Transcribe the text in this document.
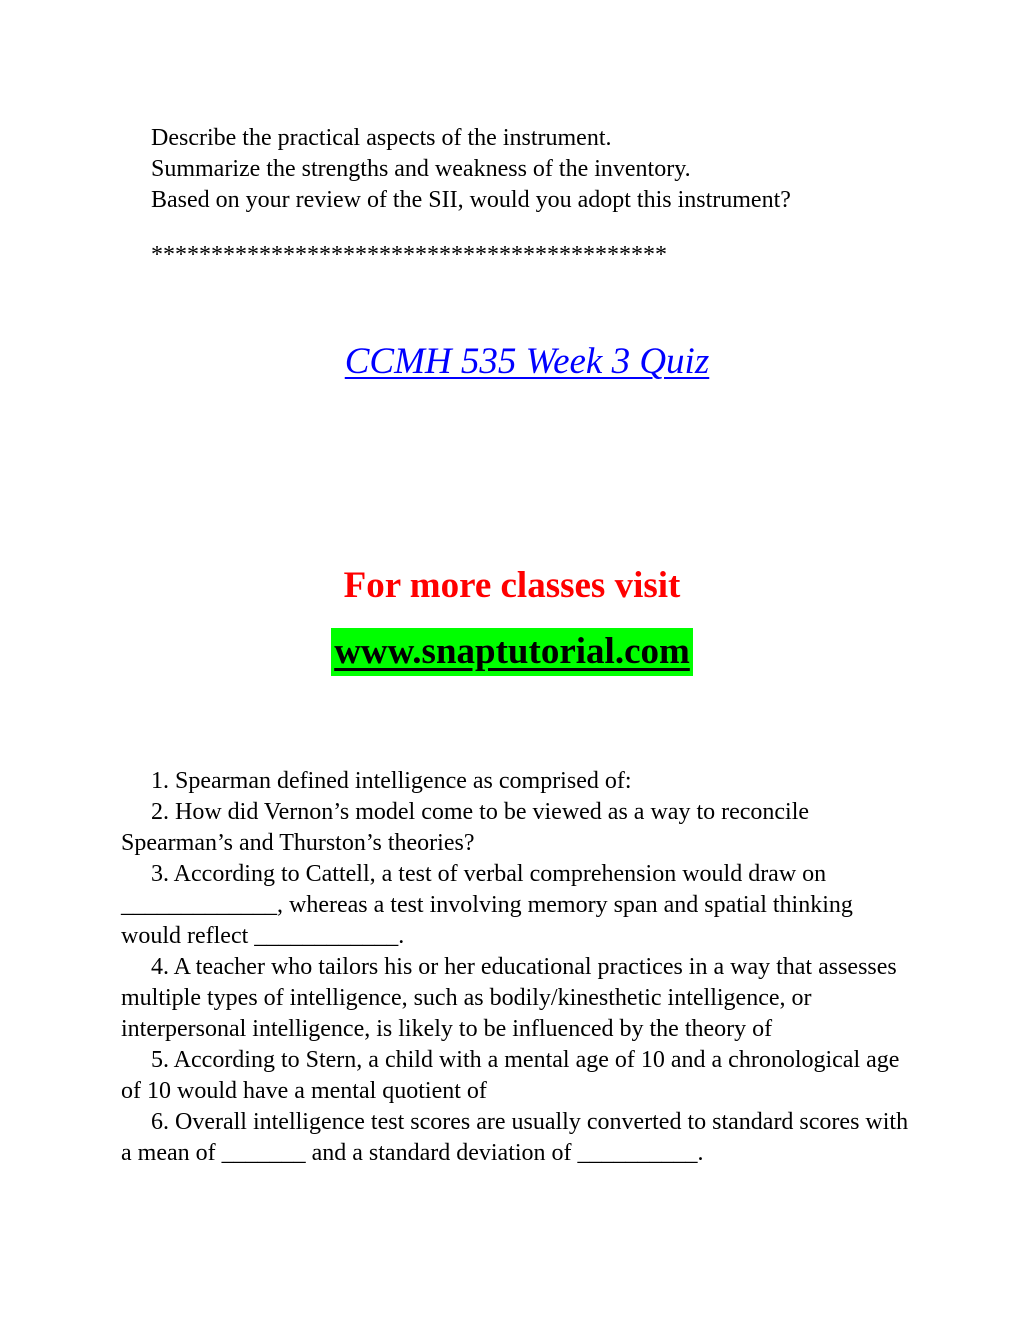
Describe the practical aspects of the instrument.
Summarize the strengths and weakness of the inventory.
Based on your review of the SII, would you adopt this instrument?
*******************************************
CCMH 535 Week 3 Quiz
For more classes visit
www.snaptutorial.com

1. Spearman defined intelligence as comprised of:

2. How did Vernon’s model come to be viewed as a way to reconcile Spearman’s and Thurston’s theories?

3. According to Cattell, a test of verbal comprehension would draw on _____________, whereas a test involving memory span and spatial thinking would reflect ____________.

4. A teacher who tailors his or her educational practices in a way that assesses multiple types of intelligence, such as bodily/kinesthetic intelligence, or interpersonal intelligence, is likely to be influenced by the theory of

5. According to Stern, a child with a mental age of 10 and a chronological age of 10 would have a mental quotient of

6. Overall intelligence test scores are usually converted to standard scores with a mean of _______ and a standard deviation of __________.
